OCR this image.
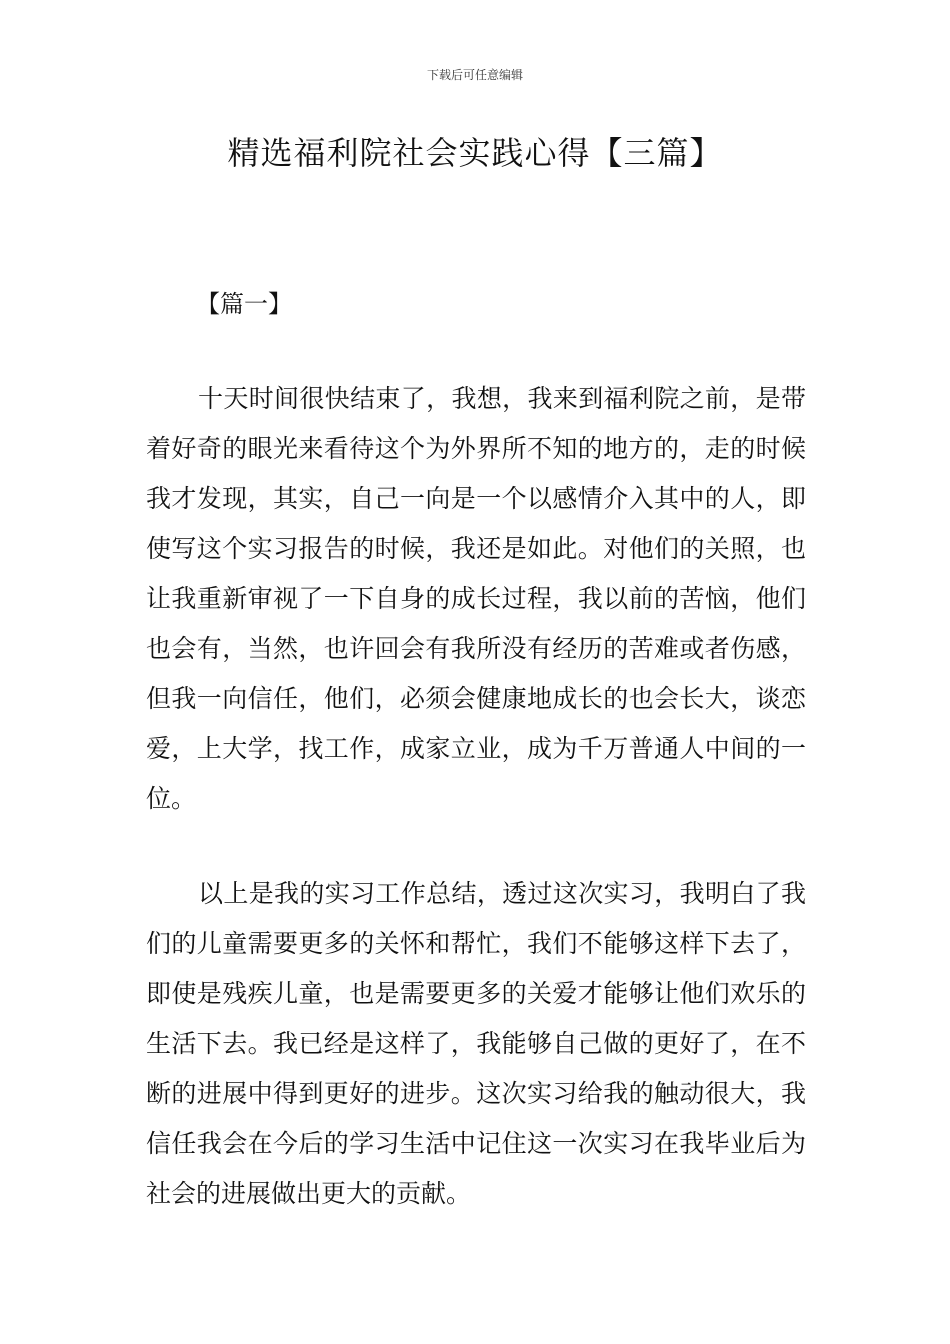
下载后可任意编辑
精选福利院社会实践心得【三篇】
【篇一】

十天时间很快结束了，我想，我来到福利院之前，是带着好奇的眼光来看待这个为外界所不知的地方的，走的时候我才发现，其实，自己一向是一个以感情介入其中的人，即使写这个实习报告的时候，我还是如此。对他们的关照，也让我重新审视了一下自身的成长过程，我以前的苦恼，他们也会有，当然，也许回会有我所没有经历的苦难或者伤感，但我一向信任，他们，必须会健康地成长的也会长大，谈恋爱，上大学，找工作，成家立业，成为千万普通人中间的一位。

以上是我的实习工作总结，透过这次实习，我明白了我们的儿童需要更多的关怀和帮忙，我们不能够这样下去了，即使是残疾儿童，也是需要更多的关爱才能够让他们欢乐的生活下去。我已经是这样了，我能够自己做的更好了，在不断的进展中得到更好的进步。这次实习给我的触动很大，我信任我会在今后的学习生活中记住这一次实习在我毕业后为社会的进展做出更大的贡献。
